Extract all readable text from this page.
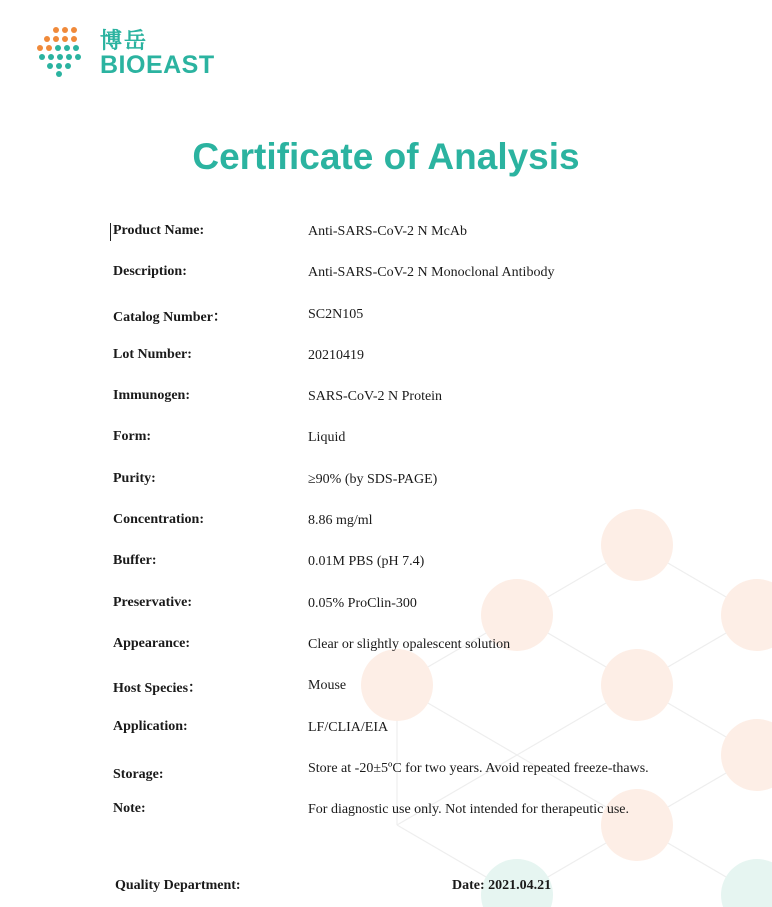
博岳
BIOEAST
Certificate of Analysis
Product Name:	Anti-SARS-CoV-2 N McAb
Description:	Anti-SARS-CoV-2 N Monoclonal Antibody
Catalog Number：	SC2N105
Lot Number:	20210419
Immunogen:	SARS-CoV-2 N Protein
Form:	Liquid
Purity:	≥90% (by SDS-PAGE)
Concentration:	8.86 mg/ml
Buffer:	0.01M PBS (pH 7.4)
Preservative:	0.05% ProClin-300
Appearance:	Clear or slightly opalescent solution
Host Species：	Mouse
Application:	LF/CLIA/EIA
Storage:	Store at -20±5ºC for two years. Avoid repeated freeze-thaws.
Note:	For diagnostic use only. Not intended for therapeutic use.
Quality Department:	Date: 2021.04.21
